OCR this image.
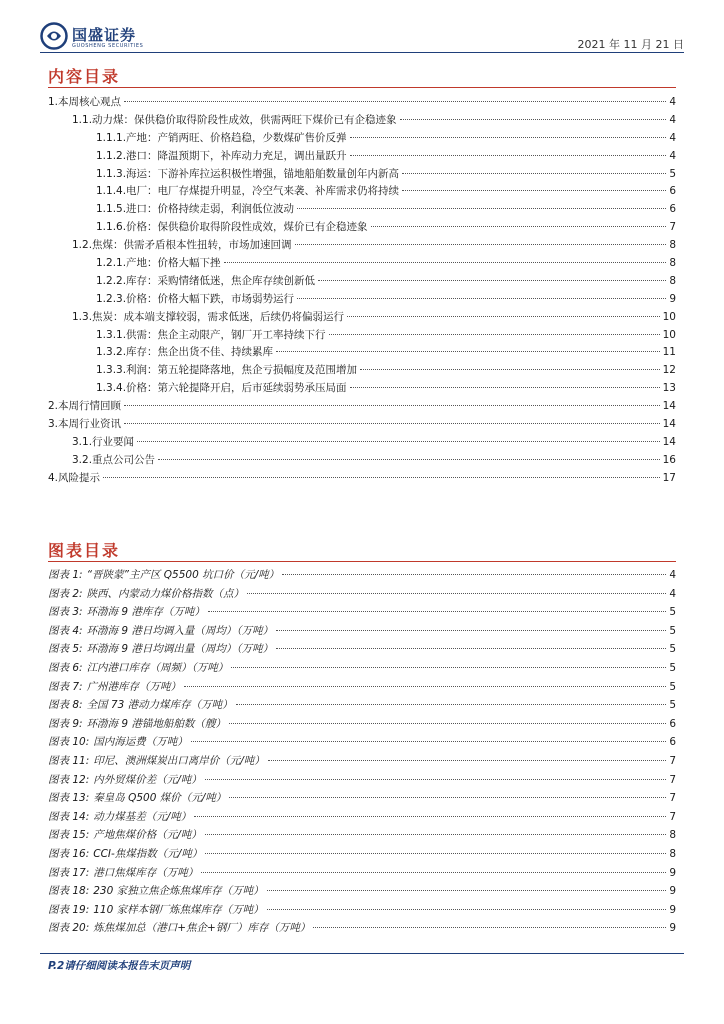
国盛证券
GUOSHENG SECURITIES	2021 年 11 月 21 日
内容目录
1.本周核心观点	4
1.1.动力煤：保供稳价取得阶段性成效，供需两旺下煤价已有企稳迹象	4
1.1.1.产地：产销两旺、价格趋稳，少数煤矿售价反弹	4
1.1.2.港口：降温预期下，补库动力充足，调出量跃升	4
1.1.3.海运：下游补库拉运积极性增强，锚地船舶数量创年内新高	5
1.1.4.电厂：电厂存煤提升明显，冷空气来袭、补库需求仍将持续	6
1.1.5.进口：价格持续走弱，利润低位波动	6
1.1.6.价格：保供稳价取得阶段性成效，煤价已有企稳迹象	7
1.2.焦煤：供需矛盾根本性扭转，市场加速回调	8
1.2.1.产地：价格大幅下挫	8
1.2.2.库存：采购情绪低迷，焦企库存续创新低	8
1.2.3.价格：价格大幅下跌，市场弱势运行	9
1.3.焦炭：成本端支撑较弱，需求低迷，后续仍将偏弱运行	10
1.3.1.供需：焦企主动限产，钢厂开工率持续下行	10
1.3.2.库存：焦企出货不佳、持续累库	11
1.3.3.利润：第五轮提降落地，焦企亏损幅度及范围增加	12
1.3.4.价格：第六轮提降开启，后市延续弱势承压局面	13
2.本周行情回顾	14
3.本周行业资讯	14
3.1.行业要闻	14
3.2.重点公司公告	16
4.风险提示	17
图表目录
图表 1: “晋陕蒙”主产区 Q5500 坑口价（元/吨）	4
图表 2: 陕西、内蒙动力煤价格指数（点）	4
图表 3: 环渤海 9 港库存（万吨）	5
图表 4: 环渤海 9 港日均调入量（周均）（万吨）	5
图表 5: 环渤海 9 港日均调出量（周均）（万吨）	5
图表 6: 江内港口库存（周频）（万吨）	5
图表 7: 广州港库存（万吨）	5
图表 8: 全国 73 港动力煤库存（万吨）	5
图表 9: 环渤海 9 港锚地船舶数（艘）	6
图表 10: 国内海运费（万吨）	6
图表 11: 印尼、澳洲煤炭出口离岸价（元/吨）	7
图表 12: 内外贸煤价差（元/吨）	7
图表 13: 秦皇岛 Q500 煤价（元/吨）	7
图表 14: 动力煤基差（元/吨）	7
图表 15: 产地焦煤价格（元/吨）	8
图表 16: CCI-焦煤指数（元/吨）	8
图表 17: 港口焦煤库存（万吨）	9
图表 18: 230 家独立焦企炼焦煤库存（万吨）	9
图表 19: 110 家样本钢厂炼焦煤库存（万吨）	9
图表 20: 炼焦煤加总（港口+焦企+钢厂）库存（万吨）	9
P.2请仔细阅读本报告末页声明
